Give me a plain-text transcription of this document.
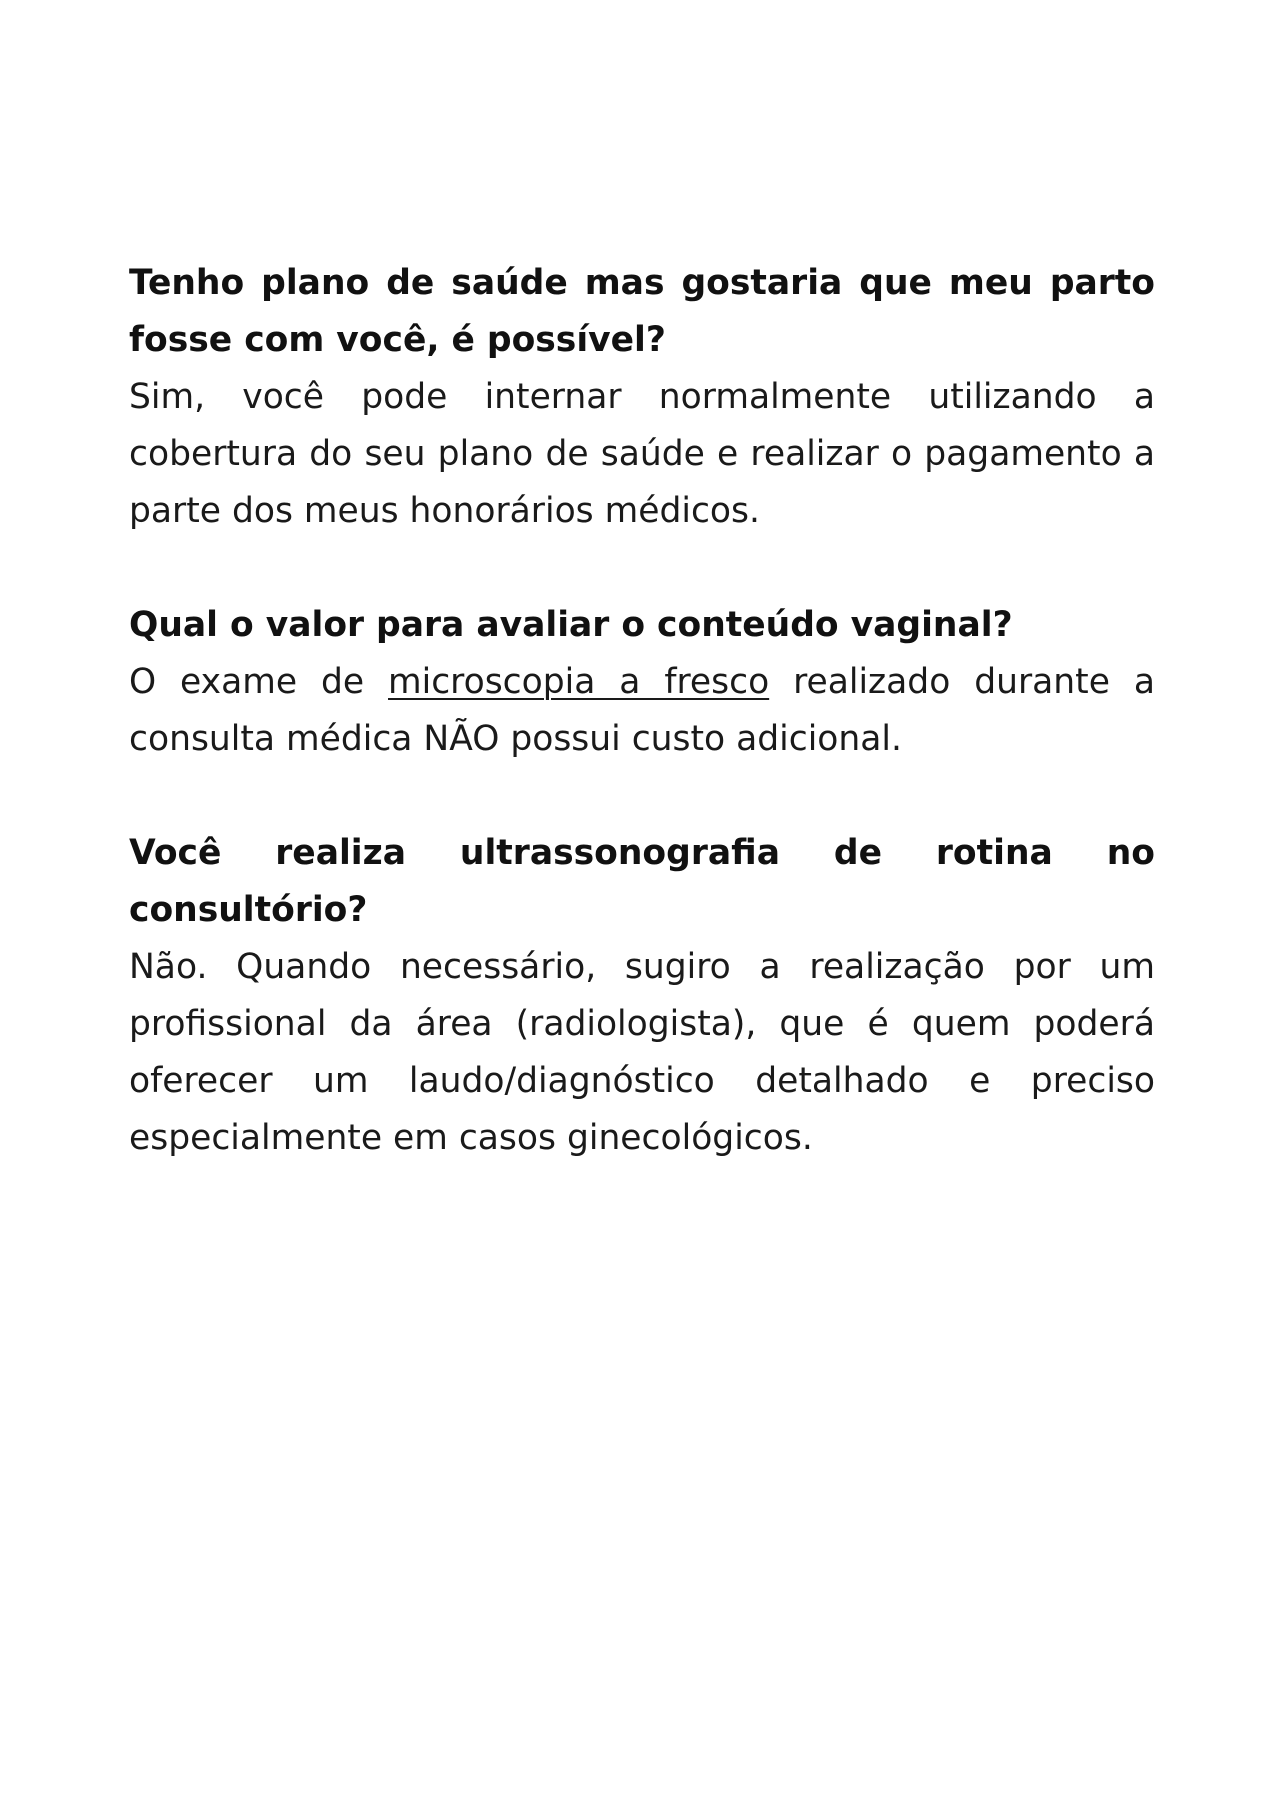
Tenho plano de saúde mas gostaria que meu parto fosse com você, é possível?

Sim, você pode internar normalmente utilizando a cobertura do seu plano de saúde e realizar o pagamento a parte dos meus honorários médicos.

Qual o valor para avaliar o conteúdo vaginal?

O exame de microscopia a fresco realizado durante a consulta médica NÃO possui custo adicional.

Você realiza ultrassonografia de rotina no consultório?

Não. Quando necessário, sugiro a realização por um profissional da área (radiologista), que é quem poderá oferecer um laudo/diagnóstico detalhado e preciso especialmente em casos ginecológicos.
